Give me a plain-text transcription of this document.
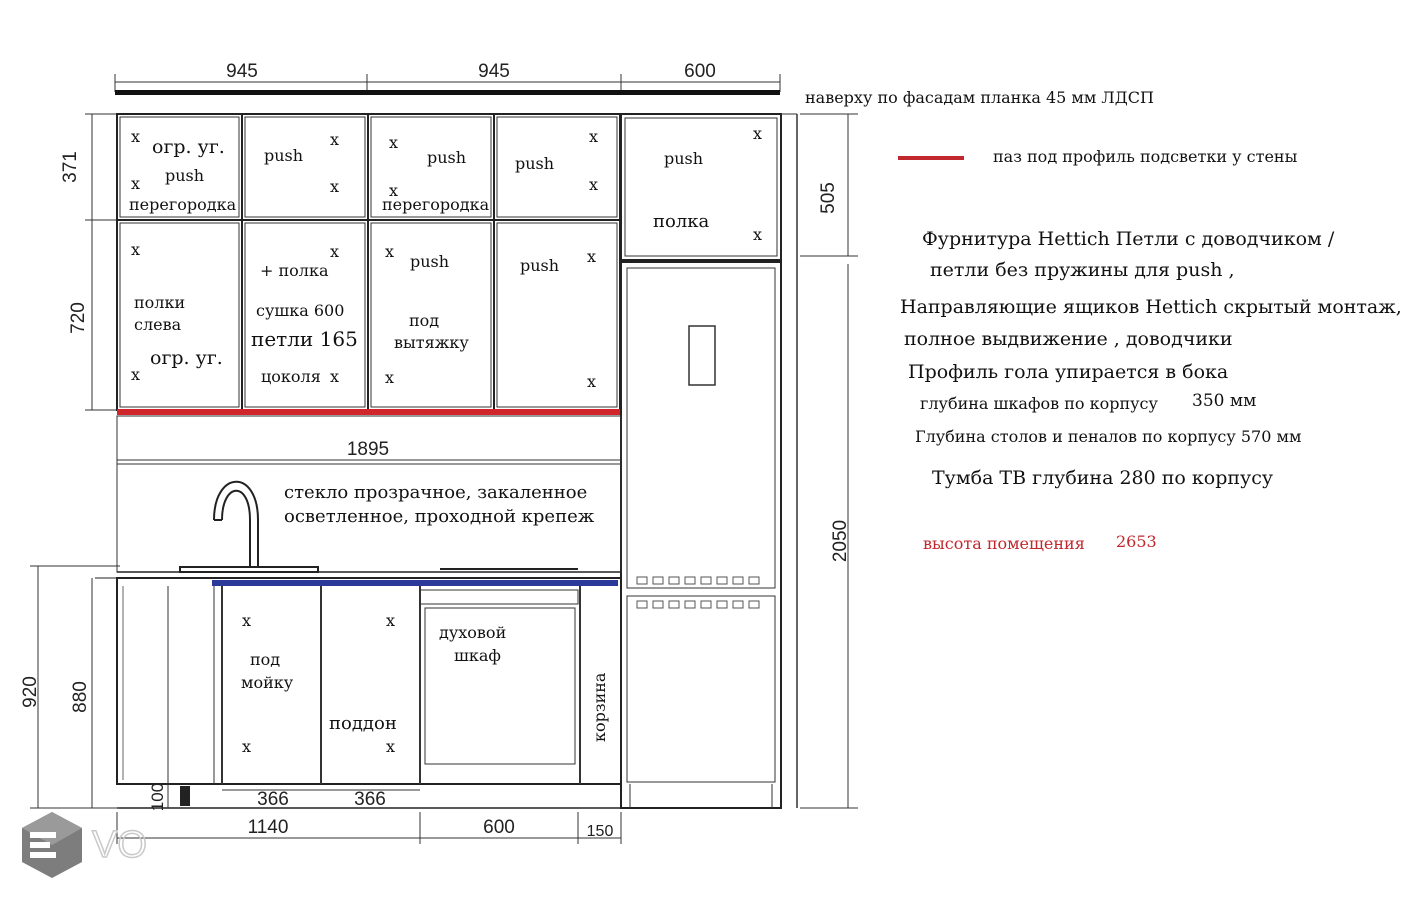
945	945	600
наверху по фасадам планка 45 мм ЛДСП
371
720
x огр. уг.
x push
перегородка
push
x
x
x
push
x
перегородка
push
x
x
x
полки
слева
огр. уг.
x
x
+ полка
сушка 600
петли 165
цоколя x
x
push
под
вытяжку
x
push x
x
x
push
полка
x
505
2050
1895
стекло прозрачное, закаленное
осветленное, проходной крепеж
x
под
мойку
x
x
поддон
x
духовой
шкаф
корзина
100	366	366
920 880
1140	600	150
паз под профиль подсветки у стены
Фурнитура Hettich Петли с доводчиком /
петли без пружины для push ,
Направляющие ящиков Hettich скрытый монтаж,
полное выдвижение , доводчики
Профиль гола упирается в бока
глубина шкафов по корпусу 350 мм
Глубина столов и пеналов по корпусу 570 мм
Тумба ТВ глубина 280 по корпусу
высота помещения 2653
VO
